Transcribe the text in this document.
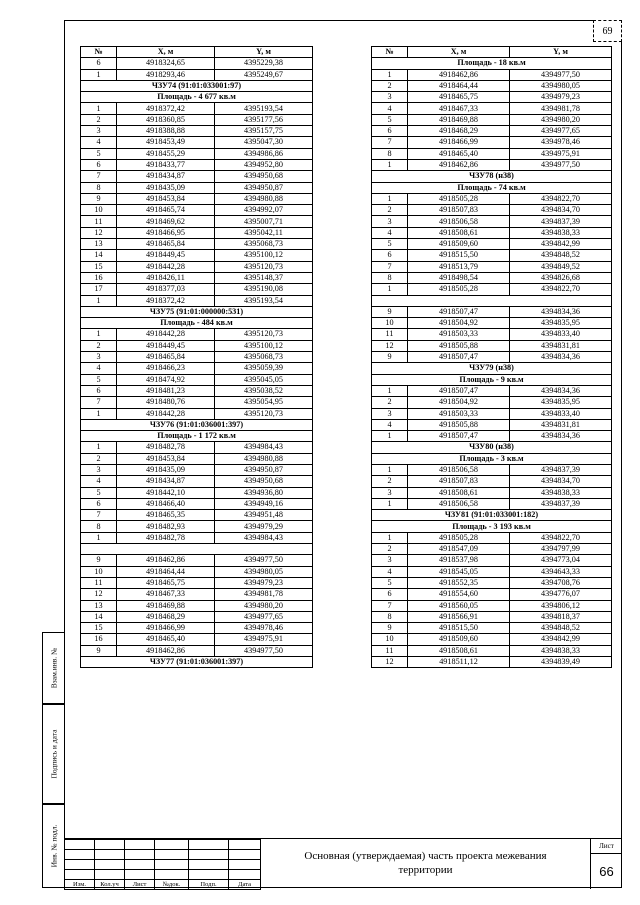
69
Взам.инв. №
Подпись и дата
Инв. № подл.
№	X, м	Y, м
6	4918324,65	4395229,38
1	4918293,46	4395249,67
ЧЗУ74 (91:01:033001:97)		
Площадь - 4 677 кв.м		
1	4918372,42	4395193,54
2	4918360,85	4395177,56
3	4918388,88	4395157,75
4	4918453,49	4395047,30
5	4918455,29	4394986,86
6	4918433,77	4394952,80
7	4918434,87	4394950,68
8	4918435,09	4394950,87
9	4918453,84	4394980,88
10	4918465,74	4394992,07
11	4918469,62	4395007,71
12	4918466,95	4395042,11
13	4918465,84	4395068,73
14	4918449,45	4395100,12
15	4918442,28	4395120,73
16	4918426,11	4395148,37
17	4918377,03	4395190,08
1	4918372,42	4395193,54
ЧЗУ75 (91:01:000000:531)		
Площадь - 484 кв.м		
1	4918442,28	4395120,73
2	4918449,45	4395100,12
3	4918465,84	4395068,73
4	4918466,23	4395059,39
5	4918474,92	4395045,05
6	4918481,23	4395038,52
7	4918480,76	4395054,95
1	4918442,28	4395120,73
ЧЗУ76 (91:01:036001:397)		
Площадь - 1 172 кв.м		
1	4918482,78	4394984,43
2	4918453,84	4394980,88
3	4918435,09	4394950,87
4	4918434,87	4394950,68
5	4918442,10	4394936,80
6	4918466,40	4394949,16
7	4918465,35	4394951,48
8	4918482,93	4394979,29
1	4918482,78	4394984,43

9	4918462,86	4394977,50
10	4918464,44	4394980,05
11	4918465,75	4394979,23
12	4918467,33	4394981,78
13	4918469,88	4394980,20
14	4918468,29	4394977,65
15	4918466,99	4394978,46
16	4918465,40	4394975,91
9	4918462,86	4394977,50
ЧЗУ77 (91:01:036001:397)		
№	X, м	Y, м
Площадь - 18 кв.м		
1	4918462,86	4394977,50
2	4918464,44	4394980,05
3	4918465,75	4394979,23
4	4918467,33	4394981,78
5	4918469,88	4394980,20
6	4918468,29	4394977,65
7	4918466,99	4394978,46
8	4918465,40	4394975,91
1	4918462,86	4394977,50
ЧЗУ78 (н38)		
Площадь - 74 кв.м		
1	4918505,28	4394822,70
2	4918507,83	4394834,70
3	4918506,58	4394837,39
4	4918508,61	4394838,33
5	4918509,60	4394842,99
6	4918515,50	4394848,52
7	4918513,79	4394849,52
8	4918498,54	4394826,68
1	4918505,28	4394822,70

9	4918507,47	4394834,36
10	4918504,92	4394835,95
11	4918503,33	4394833,40
12	4918505,88	4394831,81
9	4918507,47	4394834,36
ЧЗУ79 (н38)		
Площадь - 9 кв.м		
1	4918507,47	4394834,36
2	4918504,92	4394835,95
3	4918503,33	4394833,40
4	4918505,88	4394831,81
1	4918507,47	4394834,36
ЧЗУ80 (н38)		
Площадь - 3 кв.м		
1	4918506,58	4394837,39
2	4918507,83	4394834,70
3	4918508,61	4394838,33
1	4918506,58	4394837,39
ЧЗУ81 (91:01:033001:182)		
Площадь - 3 193 кв.м		
1	4918505,28	4394822,70
2	4918547,09	4394797,99
3	4918537,98	4394773,04
4	4918545,05	4394643,33
5	4918552,35	4394708,76
6	4918554,60	4394776,07
7	4918560,05	4394806,12
8	4918566,91	4394818,37
9	4918515,50	4394848,52
10	4918509,60	4394842,99
11	4918508,61	4394838,33
12	4918511,12	4394839,49

Изм.	Кол.уч	Лист	№док.	Подп.	Дата
Основная (утверждаемая) часть проекта межевания территории
Лист
66
